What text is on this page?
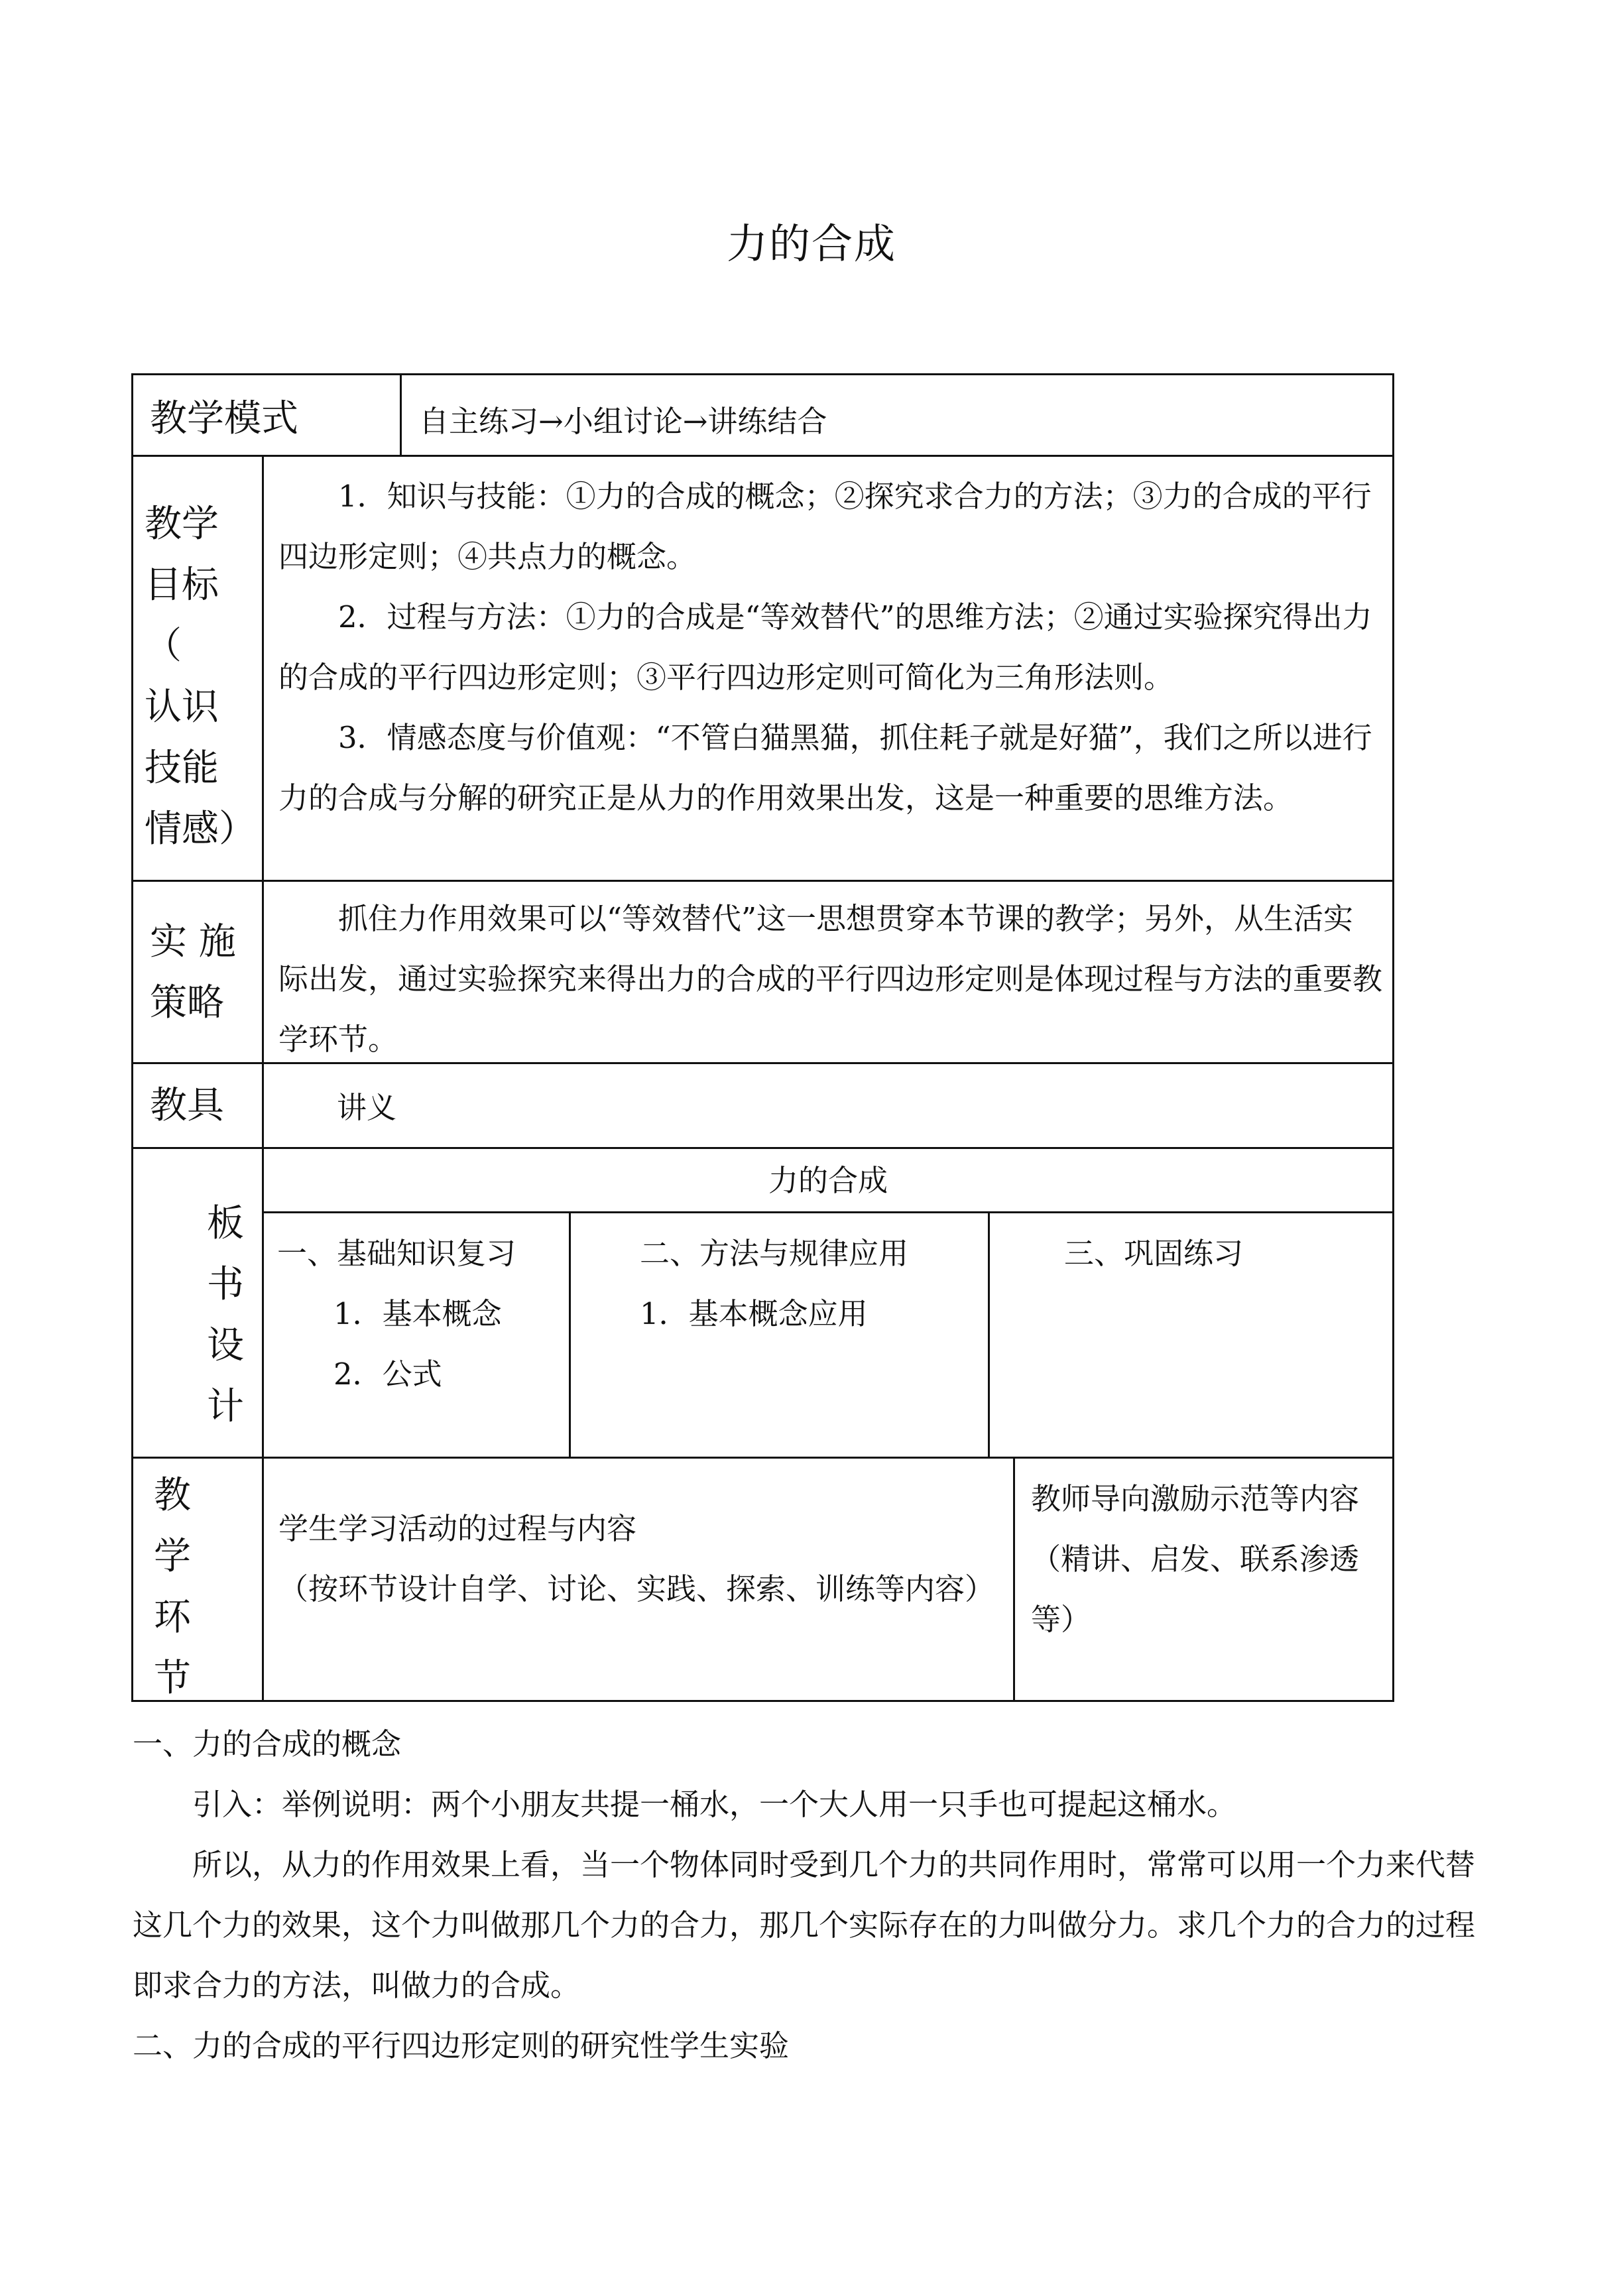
力的合成
教学模式	自主练习→小组讨论→讲练结合
教学
目标
（
认识
技能
情感）
1．知识与技能：①力的合成的概念；②探究求合力的方法；③力的合成的平行四边形定则；④共点力的概念。
2．过程与方法：①力的合成是“等效替代”的思维方法；②通过实验探究得出力的合成的平行四边形定则；③平行四边形定则可简化为三角形法则。
3．情感态度与价值观：“不管白猫黑猫，抓住耗子就是好猫”，我们之所以进行力的合成与分解的研究正是从力的作用效果出发，这是一种重要的思维方法。
实 施
策略
抓住力作用效果可以“等效替代”这一思想贯穿本节课的教学；另外，从生活实际出发，通过实验探究来得出力的合成的平行四边形定则是体现过程与方法的重要教学环节。
教具	讲义
板
书
设
计
力的合成
一、基础知识复习
1．基本概念
2．公式
二、方法与规律应用
1．基本概念应用
三、巩固练习
教
学
环
节
学生学习活动的过程与内容
（按环节设计自学、讨论、实践、探索、训练等内容）
教师导向激励示范等内容
（精讲、启发、联系渗透等）
一、力的合成的概念
引入：举例说明：两个小朋友共提一桶水，一个大人用一只手也可提起这桶水。
所以，从力的作用效果上看，当一个物体同时受到几个力的共同作用时，常常可以用一个力来代替这几个力的效果，这个力叫做那几个力的合力，那几个实际存在的力叫做分力。求几个力的合力的过程即求合力的方法，叫做力的合成。
二、力的合成的平行四边形定则的研究性学生实验
